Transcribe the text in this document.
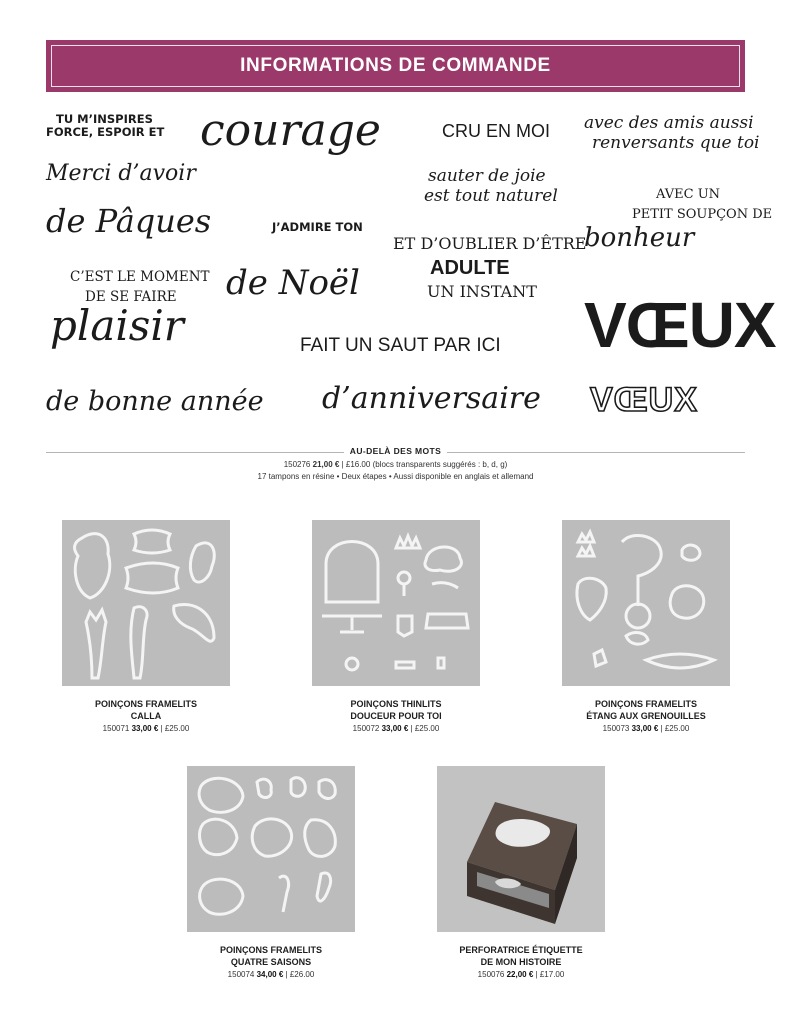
INFORMATIONS DE COMMANDE
TU M’INSPIRES
FORCE, ESPOIR ET courage	CRU EN MOI avec des amis aussi
renversants que toi
Merci d’avoir	sauter de joie
est tout naturel	AVEC UN
PETIT SOUPÇON DE
bonheur
de Pâques	J’ADMIRE TON
ET D’OUBLIER D’ÊTRE
ADULTE
UN INSTANT
C’EST LE MOMENT
DE SE FAIRE
plaisir
de Noël
VŒUX
FAIT UN SAUT PAR ICI
VŒUX
de bonne année d’anniversaire
AU-DELÀ DES MOTS
150276 21,00 € | £16.00 (blocs transparents suggérés : b, d, g)
17 tampons en résine • Deux étapes • Aussi disponible en anglais et allemand
POINÇONS FRAMELITS
CALLA
150071 33,00 € | £25.00
POINÇONS THINLITS
DOUCEUR POUR TOI
150072 33,00 € | £25.00
POINÇONS FRAMELITS
ÉTANG AUX GRENOUILLES
150073 33,00 € | £25.00
POINÇONS FRAMELITS
QUATRE SAISONS
150074 34,00 € | £26.00
PERFORATRICE ÉTIQUETTE
DE MON HISTOIRE
150076 22,00 € | £17.00
